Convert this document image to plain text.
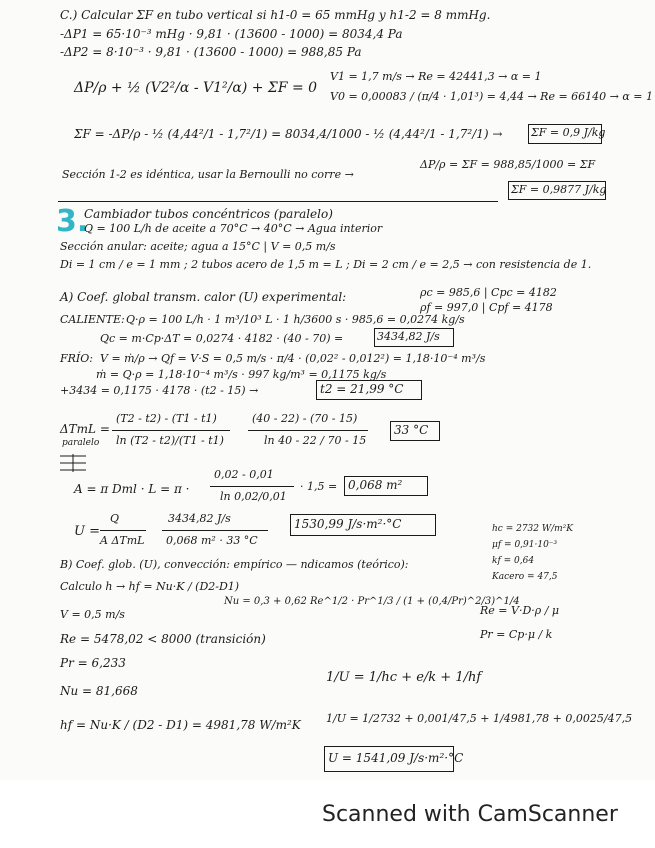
C.) Calcular ΣF en tubo vertical si h1-0 = 65 mmHg y h1-2 = 8 mmHg.
-ΔP1 = 65·10⁻³ mHg · 9,81 · (13600 - 1000) = 8034,4 Pa
-ΔP2 = 8·10⁻³ · 9,81 · (13600 - 1000) = 988,85 Pa
ΔP/ρ + ½ (V2²/α - V1²/α) + ΣF = 0
V1 = 1,7 m/s → Re = 42441,3 → α = 1
V0 = 0,00083 / (π/4 · 1,01³) = 4,44 → Re = 66140 → α = 1
ΣF = -ΔP/ρ - ½ (4,44²/1 - 1,7²/1) = 8034,4/1000 - ½ (4,44²/1 - 1,7²/1) →	ΣF = 0,9 J/kg
Sección 1-2 es idéntica, usar la Bernoulli no corre →
ΔP/ρ = ΣF = 988,85/1000 = ΣF
ΣF = 0,9877 J/kg
3.
Cambiador tubos concéntricos (paralelo)
Q = 100 L/h de aceite a 70°C → 40°C → Agua interior
Sección anular: aceite; agua a 15°C | V = 0,5 m/s
Di = 1 cm / e = 1 mm ; 2 tubos acero de 1,5 m = L ; Di = 2 cm / e = 2,5 → con resistencia de 1.
A) Coef. global transm. calor (U) experimental:	ρc = 985,6 | Cpc = 4182
ρf = 997,0 | Cpf = 4178
CALIENTE: Q·ρ = 100 L/h · 1 m³/10³ L · 1 h/3600 s · 985,6 = 0,0274 kg/s
Qc = m·Cp·ΔT = 0,0274 · 4182 · (40 - 70) =	3434,82 J/s
FRÍO: V = ṁ/ρ → Qf = V·S = 0,5 m/s · π/4 · (0,02² - 0,012²) = 1,18·10⁻⁴ m³/s
ṁ = Q·ρ = 1,18·10⁻⁴ m³/s · 997 kg/m³ = 0,1175 kg/s
+3434 = 0,1175 · 4178 · (t2 - 15) →	t2 = 21,99 °C
ΔTmL =
paralelo
(T2 - t2) - (T1 - t1)
ln (T2 - t2)/(T1 - t1)
(40 - 22) - (70 - 15)
ln 40 - 22 / 70 - 15
33 °C
A = π Dml · L = π ·
0,02 - 0,01
ln 0,02/0,01
· 1,5 = 0,068 m²
U =
Q
A ΔTmL
3434,82 J/s
0,068 m² · 33 °C
1530,99 J/s·m²·°C	hc = 2732 W/m²K
μf = 0,91·10⁻³
kf = 0,64
Kacero = 47,5
B) Coef. glob. (U), convección: empírico — ndicamos (teórico):
Calculo h → hf = Nu·K / (D2-D1)
Nu = 0,3 + 0,62 Re^1/2 · Pr^1/3 / (1 + (0,4/Pr)^2/3)^1/4
Re = V·D·ρ / μ
Pr = Cp·μ / k
V = 0,5 m/s
Re = 5478,02 < 8000 (transición)
Pr = 6,233
Nu = 81,668
hf = Nu·K / (D2 - D1) = 4981,78 W/m²K
1/U = 1/hc + e/k + 1/hf
1/U = 1/2732 + 0,001/47,5 + 1/4981,78 + 0,0025/47,5
U = 1541,09 J/s·m²·°C
Scanned with CamScanner
